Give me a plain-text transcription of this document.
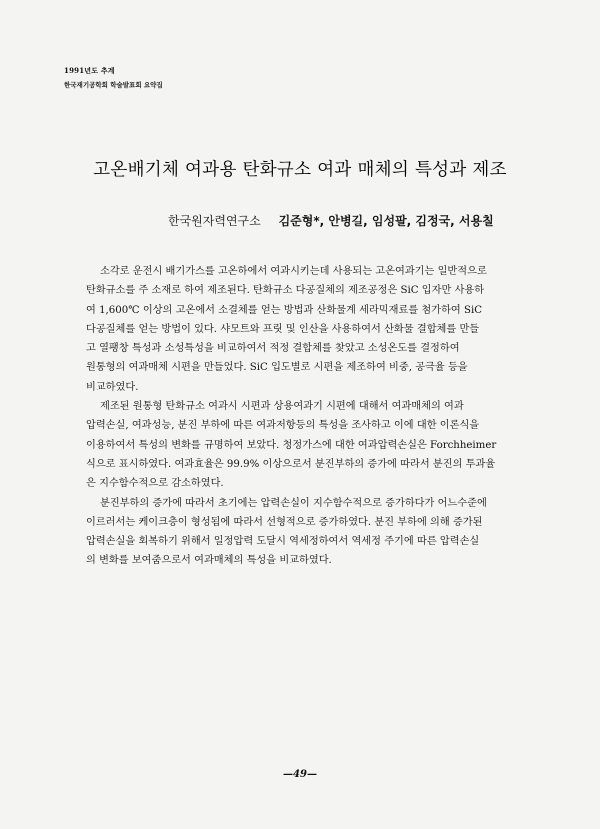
1991년도 추계
한국재기공학회 학술발표회 요약집
고온배기체 여과용 탄화규소 여과 매체의 특성과 제조
한국원자력연구소 김준형*, 안병길, 임성팔, 김정국, 서용칠

소각로 운전시 배기가스를 고온하에서 여과시키는데 사용되는 고온여과기는 일반적으로
탄화규소를 주 소재로 하여 제조된다. 탄화규소 다공질체의 제조공정은 SiC 입자만 사용하
여 1,600℃ 이상의 고온에서 소결체를 얻는 방법과 산화물계 세라믹재료를 첨가하여 SiC
다공질체를 얻는 방법이 있다. 샤모트와 프릿 및 인산을 사용하여서 산화물 결합체를 만들
고 열팽창 특성과 소성특성을 비교하여서 적정 결합체를 찾았고 소성온도를 결정하여
원통형의 여과매체 시편을 만들었다. SiC 입도별로 시편을 제조하여 비중, 공극율 등을
비교하였다.

제조된 원통형 탄화규소 여과시 시편과 상용여과기 시편에 대해서 여과매체의 여과
압력손실, 여과성능, 분진 부하에 따른 여과저항등의 특성을 조사하고 이에 대한 이론식을
이용하여서 특성의 변화를 규명하여 보았다. 청정가스에 대한 여과압력손실은 Forchheimer
식으로 표시하였다. 여과효율은 99.9% 이상으로서 분진부하의 증가에 따라서 분진의 투과율
은 지수함수적으로 감소하였다.

분진부하의 증가에 따라서 초기에는 압력손실이 지수함수적으로 증가하다가 어느수준에
이르러서는 케이크층이 형성됨에 따라서 선형적으로 증가하였다. 분진 부하에 의해 증가된
압력손실을 회복하기 위해서 일정압력 도달시 역세정하여서 역세정 주기에 따른 압력손실
의 변화를 보여줌으로서 여과매체의 특성을 비교하였다.

—49—
